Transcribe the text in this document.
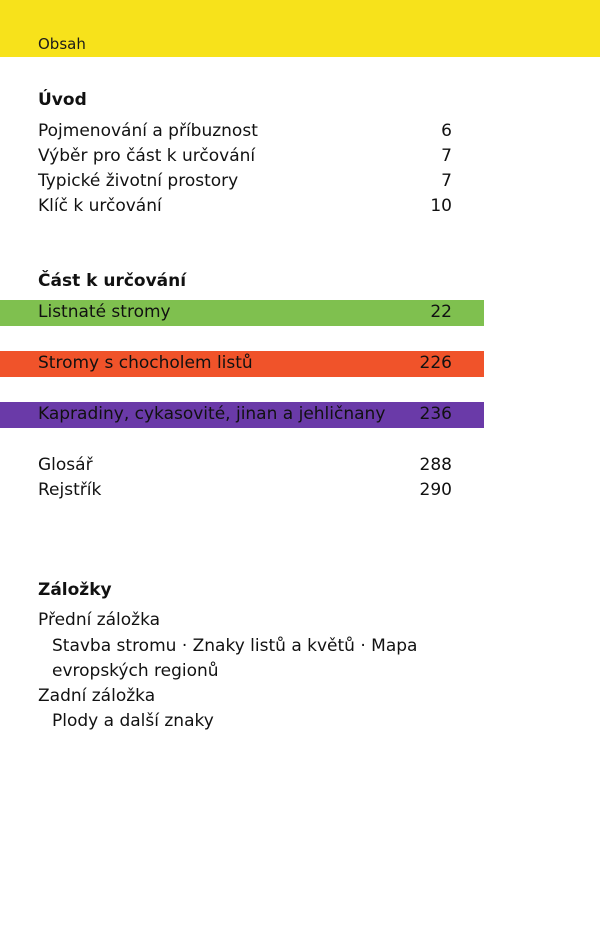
Obsah
Úvod
Pojmenování a příbuznost	6
Výběr pro část k určování	7
Typické životní prostory	7
Klíč k určování	10
Část k určování
Listnaté stromy	22
Stromy s chocholem listů	226
Kapradiny, cykasovité, jinan a jehličnany 236
Glosář	288
Rejstřík	290
Záložky
Přední záložka
Stavba stromu · Znaky listů a květů · Mapa
evropských regionů
Zadní záložka
Plody a další znaky
